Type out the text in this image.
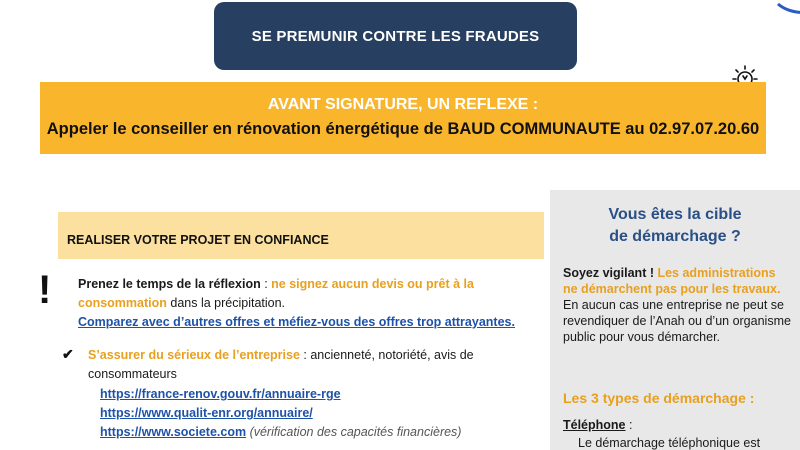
SE PREMUNIR CONTRE LES FRAUDES
AVANT SIGNATURE, UN REFLEXE :
Appeler le conseiller en rénovation énergétique de BAUD COMMUNAUTE au 02.97.07.20.60
REALISER VOTRE PROJET EN CONFIANCE
! Prenez le temps de la réflexion : ne signez aucun devis ou prêt à la consommation dans la précipitation.
Comparez avec d’autres offres et méfiez-vous des offres trop attrayantes.
✔ S’assurer du sérieux de l’entreprise : ancienneté, notoriété, avis de consommateurs
https://france-renov.gouv.fr/annuaire-rge
https://www.qualit-enr.org/annuaire/
https://www.societe.com (vérification des capacités financières)
Vous êtes la cible
de démarchage ?
Soyez vigilant ! Les administrations ne démarchent pas pour les travaux.
En aucun cas une entreprise ne peut se revendiquer de l’Anah ou d’un organisme public pour vous démarcher.
Les 3 types de démarchage :
Téléphone :
Le démarchage téléphonique est
